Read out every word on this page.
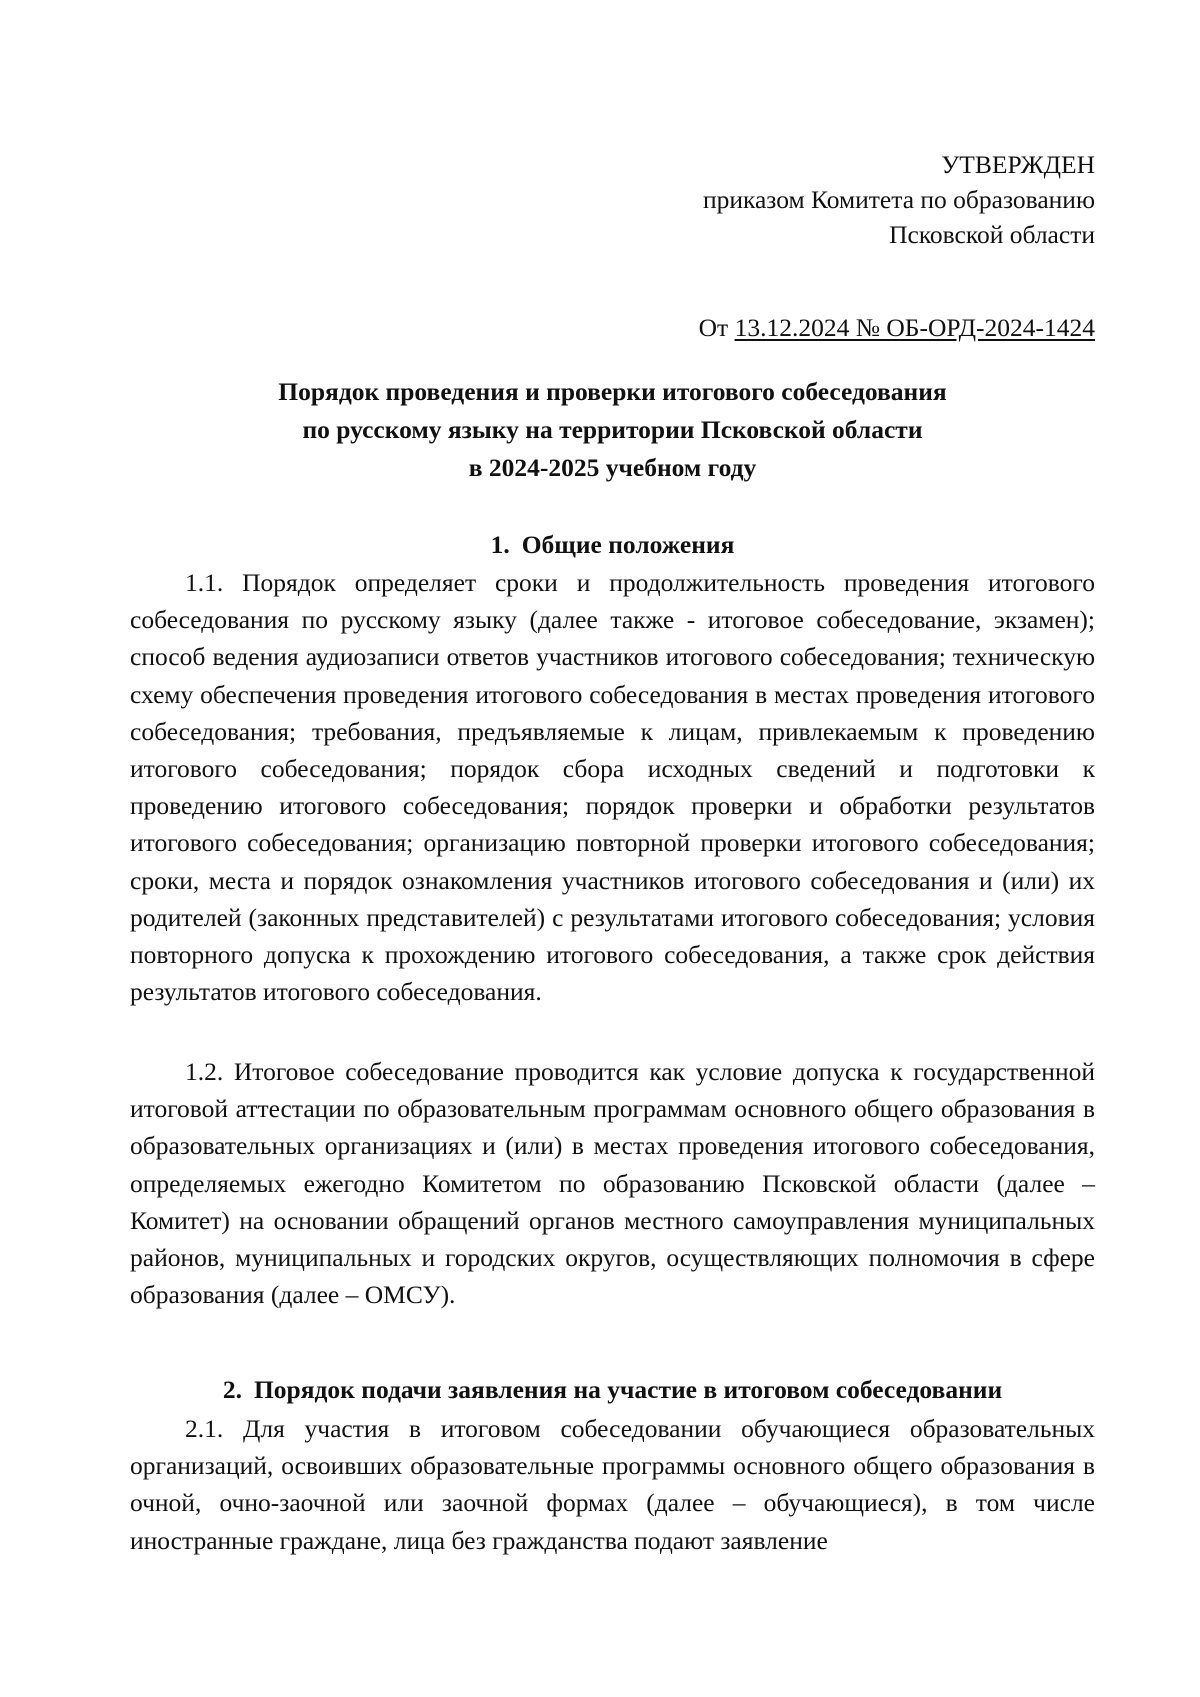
УТВЕРЖДЕН
приказом Комитета по образованию
Псковской области
От 13.12.2024 № ОБ-ОРД-2024-1424
Порядок проведения и проверки итогового собеседования
по русскому языку на территории Псковской области
в 2024-2025 учебном году
1. Общие положения
1.1. Порядок определяет сроки и продолжительность проведения итогового собеседования по русскому языку (далее также - итоговое собеседование, экзамен); способ ведения аудиозаписи ответов участников итогового собеседования; техническую схему обеспечения проведения итогового собеседования в местах проведения итогового собеседования; требования, предъявляемые к лицам, привлекаемым к проведению итогового собеседования; порядок сбора исходных сведений и подготовки к проведению итогового собеседования; порядок проверки и обработки результатов итогового собеседования; организацию повторной проверки итогового собеседования; сроки, места и порядок ознакомления участников итогового собеседования и (или) их родителей (законных представителей) с результатами итогового собеседования; условия повторного допуска к прохождению итогового собеседования, а также срок действия результатов итогового собеседования.
1.2. Итоговое собеседование проводится как условие допуска к государственной итоговой аттестации по образовательным программам основного общего образования в образовательных организациях и (или) в местах проведения итогового собеседования, определяемых ежегодно Комитетом по образованию Псковской области (далее – Комитет) на основании обращений органов местного самоуправления муниципальных районов, муниципальных и городских округов, осуществляющих полномочия в сфере образования (далее – ОМСУ).
2. Порядок подачи заявления на участие в итоговом собеседовании
2.1. Для участия в итоговом собеседовании обучающиеся образовательных организаций, освоивших образовательные программы основного общего образования в очной, очно-заочной или заочной формах (далее – обучающиеся), в том числе иностранные граждане, лица без гражданства подают заявление
